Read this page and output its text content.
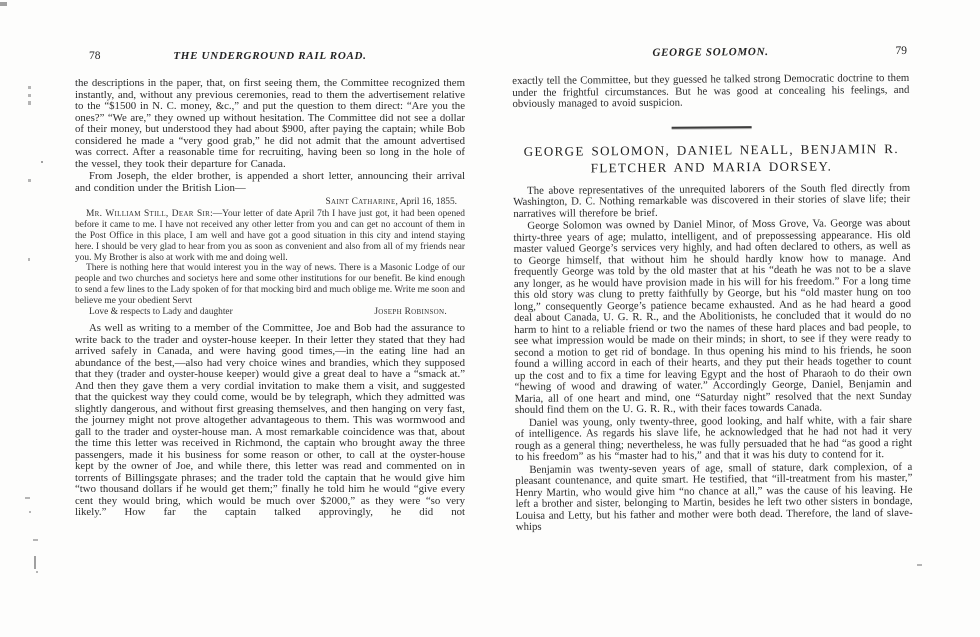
78	THE UNDERGROUND RAIL ROAD.

the descriptions in the paper, that, on first seeing them, the Committee recognized them instantly, and, without any previous ceremonies, read to them the advertisement relative to the “$1500 in N. C. money, &c.,” and put the question to them direct: “Are you the ones?” “We are,” they owned up without hesitation. The Committee did not see a dollar of their money, but understood they had about $900, after paying the captain; while Bob considered he made a “very good grab,” he did not admit that the amount advertised was correct. After a reasonable time for recruiting, having been so long in the hole of the vessel, they took their departure for Canada.

From Joseph, the elder brother, is appended a short letter, announcing their arrival and condition under the British Lion—

Saint Catharine, April 16, 1855.

Mr. William Still, Dear Sir:—Your letter of date April 7th I have just got, it had been opened before it came to me. I have not received any other letter from you and can get no account of them in the Post Office in this place, I am well and have got a good situation in this city and intend staying here. I should be very glad to hear from you as soon as convenient and also from all of my friends near you. My Brother is also at work with me and doing well.

There is nothing here that would interest you in the way of news. There is a Masonic Lodge of our people and two churches and societys here and some other institutions for our benefit. Be kind enough to send a few lines to the Lady spoken of for that mocking bird and much oblige me. Write me soon and believe me your obedient Servt

Love & respects to Lady and daughter	Joseph Robinson.

As well as writing to a member of the Committee, Joe and Bob had the assurance to write back to the trader and oyster-house keeper. In their letter they stated that they had arrived safely in Canada, and were having good times,—in the eating line had an abundance of the best,—also had very choice wines and brandies, which they supposed that they (trader and oyster-house keeper) would give a great deal to have a “smack at.” And then they gave them a very cordial invitation to make them a visit, and suggested that the quickest way they could come, would be by telegraph, which they admitted was slightly dangerous, and without first greasing themselves, and then hanging on very fast, the journey might not prove altogether advantageous to them. This was wormwood and gall to the trader and oyster-house man. A most remarkable coincidence was that, about the time this letter was received in Richmond, the captain who brought away the three passengers, made it his business for some reason or other, to call at the oyster-house kept by the owner of Joe, and while there, this letter was read and commented on in torrents of Billingsgate phrases; and the trader told the captain that he would give him “two thousand dollars if he would get them;” finally he told him he would “give every cent they would bring, which would be much over $2000,” as they were “so very likely.” How far the captain talked approvingly, he did not

GEORGE SOLOMON.	79

exactly tell the Committee, but they guessed he talked strong Democratic doctrine to them under the frightful circumstances. But he was good at concealing his feelings, and obviously managed to avoid suspicion.

GEORGE SOLOMON, DANIEL NEALL, BENJAMIN R.
FLETCHER AND MARIA DORSEY.

The above representatives of the unrequited laborers of the South fled directly from Washington, D. C. Nothing remarkable was discovered in their stories of slave life; their narratives will therefore be brief.

George Solomon was owned by Daniel Minor, of Moss Grove, Va. George was about thirty-three years of age; mulatto, intelligent, and of prepossessing appearance. His old master valued George’s services very highly, and had often declared to others, as well as to George himself, that without him he should hardly know how to manage. And frequently George was told by the old master that at his “death he was not to be a slave any longer, as he would have provision made in his will for his freedom.” For a long time this old story was clung to pretty faithfully by George, but his “old master hung on too long,” consequently George’s patience became exhausted. And as he had heard a good deal about Canada, U. G. R. R., and the Abolitionists, he concluded that it would do no harm to hint to a reliable friend or two the names of these hard places and bad people, to see what impression would be made on their minds; in short, to see if they were ready to second a motion to get rid of bondage. In thus opening his mind to his friends, he soon found a willing accord in each of their hearts, and they put their heads together to count up the cost and to fix a time for leaving Egypt and the host of Pharaoh to do their own “hewing of wood and drawing of water.” Accordingly George, Daniel, Benjamin and Maria, all of one heart and mind, one “Saturday night” resolved that the next Sunday should find them on the U. G. R. R., with their faces towards Canada.

Daniel was young, only twenty-three, good looking, and half white, with a fair share of intelligence. As regards his slave life, he acknowledged that he had not had it very rough as a general thing; nevertheless, he was fully persuaded that he had “as good a right to his freedom” as his “master had to his,” and that it was his duty to contend for it.

Benjamin was twenty-seven years of age, small of stature, dark complexion, of a pleasant countenance, and quite smart. He testified, that “ill-treatment from his master,” Henry Martin, who would give him “no chance at all,” was the cause of his leaving. He left a brother and sister, belonging to Martin, besides he left two other sisters in bondage, Louisa and Letty, but his father and mother were both dead. Therefore, the land of slave-whips
